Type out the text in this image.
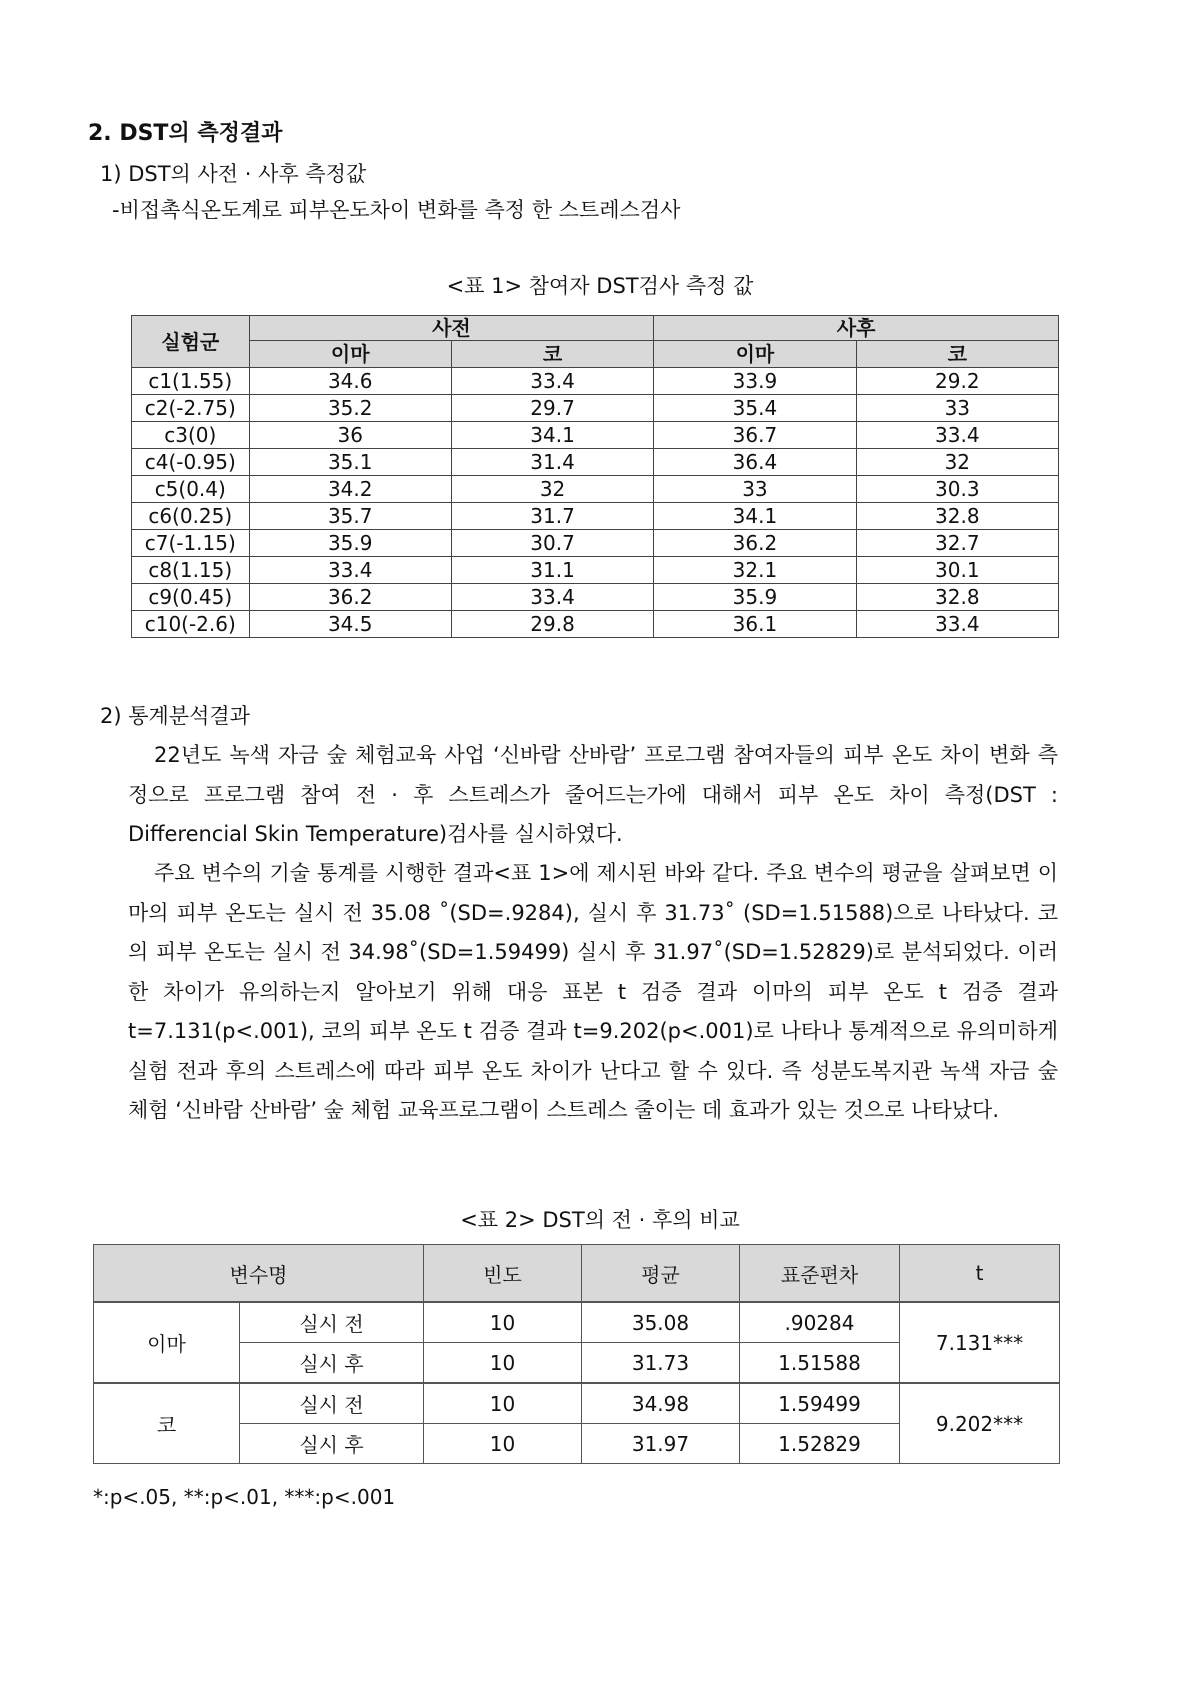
2. DST의 측정결과
1) DST의 사전 · 사후 측정값
-비접촉식온도계로 피부온도차이 변화를 측정 한 스트레스검사
<표 1> 참여자 DST검사 측정 값
실험군	사전		사후	
	이마	코	이마	코
c1(1.55)	34.6	33.4	33.9	29.2
c2(-2.75)	35.2	29.7	35.4	33
c3(0)	36	34.1	36.7	33.4
c4(-0.95)	35.1	31.4	36.4	32
c5(0.4)	34.2	32	33	30.3
c6(0.25)	35.7	31.7	34.1	32.8
c7(-1.15)	35.9	30.7	36.2	32.7
c8(1.15)	33.4	31.1	32.1	30.1
c9(0.45)	36.2	33.4	35.9	32.8
c10(-2.6)	34.5	29.8	36.1	33.4
2) 통계분석결과
22년도 녹색 자금 숲 체험교육 사업 ‘신바람 산바람’ 프로그램 참여자들의 피부 온도 차이 변화 측정으로 프로그램 참여 전 · 후 스트레스가 줄어드는가에 대해서 피부 온도 차이 측정(DST : Differencial Skin Temperature)검사를 실시하였다.
주요 변수의 기술 통계를 시행한 결과<표 1>에 제시된 바와 같다. 주요 변수의 평균을 살펴보면 이마의 피부 온도는 실시 전 35.08 ˚(SD=.9284), 실시 후 31.73˚ (SD=1.51588)으로 나타났다. 코의 피부 온도는 실시 전 34.98˚(SD=1.59499) 실시 후 31.97˚(SD=1.52829)로 분석되었다. 이러한 차이가 유의하는지 알아보기 위해 대응 표본 t 검증 결과 이마의 피부 온도 t 검증 결과 t=7.131(p<.001), 코의 피부 온도 t 검증 결과 t=9.202(p<.001)로 나타나 통계적으로 유의미하게 실험 전과 후의 스트레스에 따라 피부 온도 차이가 난다고 할 수 있다. 즉 성분도복지관 녹색 자금 숲 체험 ‘신바람 산바람’ 숲 체험 교육프로그램이 스트레스 줄이는 데 효과가 있는 것으로 나타났다.
<표 2> DST의 전 · 후의 비교
변수명		빈도	평균	표준편차	t
이마	실시 전	10	35.08	.90284	7.131***
	실시 후	10	31.73	1.51588	
코	실시 전	10	34.98	1.59499	9.202***
	실시 후	10	31.97	1.52829	
*:p<.05, **:p<.01, ***:p<.001
